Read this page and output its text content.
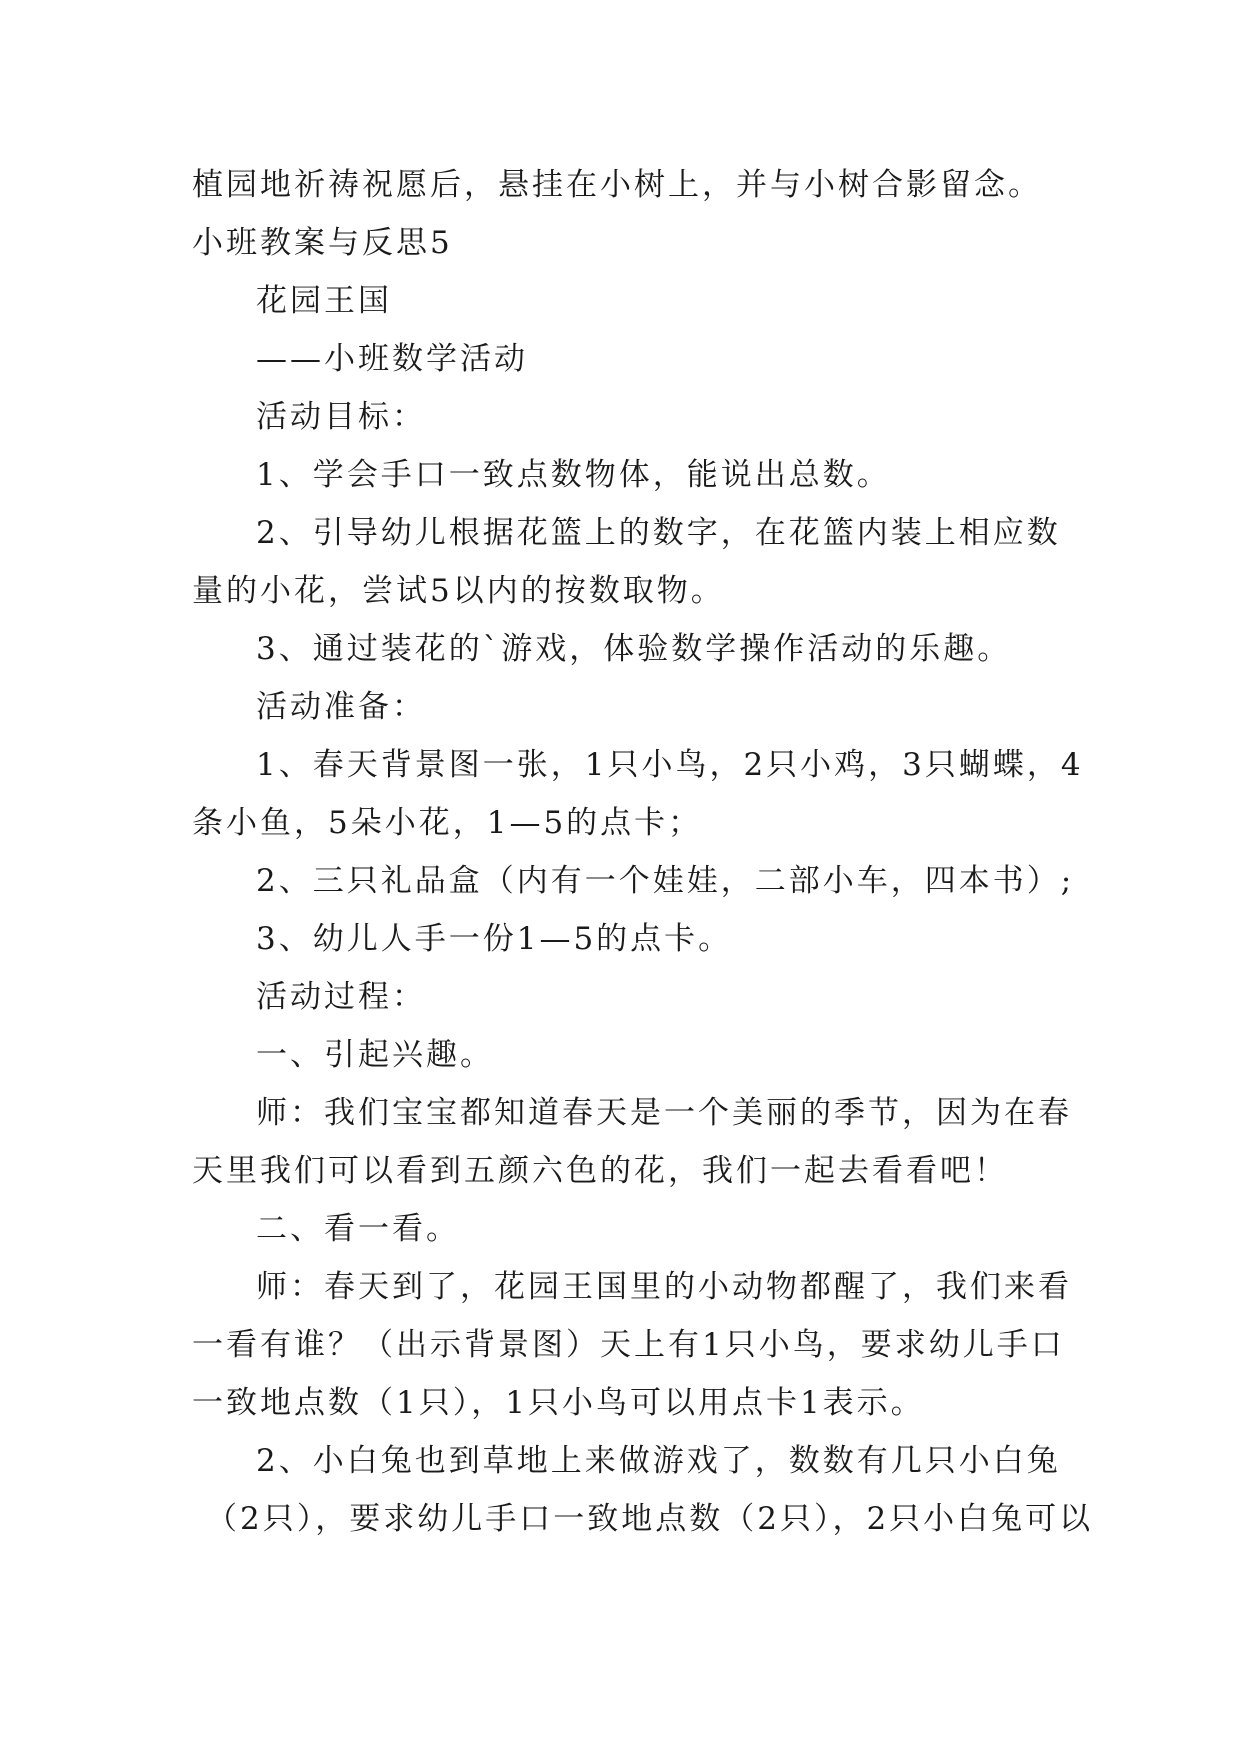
植园地祈祷祝愿后，悬挂在小树上，并与小树合影留念。
小班教案与反思5
花园王国
——小班数学活动
活动目标：
1、学会手口一致点数物体，能说出总数。
2、引导幼儿根据花篮上的数字，在花篮内装上相应数
量的小花，尝试5以内的按数取物。
3、通过装花的`游戏，体验数学操作活动的乐趣。
活动准备：
1、春天背景图一张，1只小鸟，2只小鸡，3只蝴蝶，4
条小鱼，5朵小花，1—5的点卡；
2、三只礼品盒（内有一个娃娃，二部小车，四本书）;
3、幼儿人手一份1—5的点卡。
活动过程：
一、引起兴趣。
师：我们宝宝都知道春天是一个美丽的季节，因为在春
天里我们可以看到五颜六色的花，我们一起去看看吧！
二、看一看。
师：春天到了，花园王国里的小动物都醒了，我们来看
一看有谁？（出示背景图）天上有1只小鸟，要求幼儿手口
一致地点数（1只），1只小鸟可以用点卡1表示。
2、小白兔也到草地上来做游戏了，数数有几只小白兔
（2只），要求幼儿手口一致地点数（2只），2只小白兔可以
